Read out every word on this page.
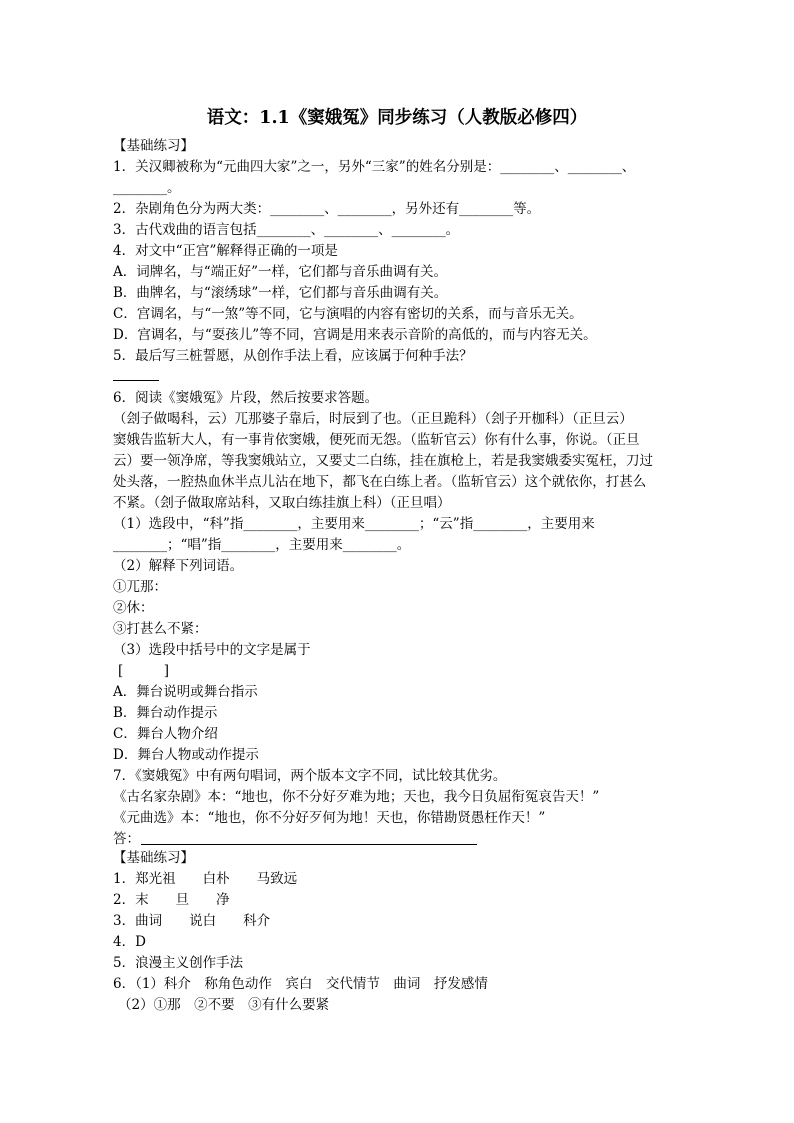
语文：1.1《窦娥冤》同步练习（人教版必修四）
【基础练习】
1．关汉卿被称为“元曲四大家”之一，另外“三家”的姓名分别是：________、________、
________。
2．杂剧角色分为两大类：________、________，另外还有________等。
3．古代戏曲的语言包括________、________、________。
4．对文中“正宫”解释得正确的一项是
A．词牌名，与“端正好”一样，它们都与音乐曲调有关。
B．曲牌名，与“滚绣球”一样，它们都与音乐曲调有关。
C．宫调名，与“一煞”等不同，它与演唱的内容有密切的关系，而与音乐无关。
D．宫调名，与“耍孩儿”等不同，宫调是用来表示音阶的高低的，而与内容无关。
5．最后写三桩誓愿，从创作手法上看，应该属于何种手法？
6．阅读《窦娥冤》片段，然后按要求答题。
（刽子做喝科，云）兀那婆子靠后，时辰到了也。（正旦跪科）（刽子开枷科）（正旦云）
窦娥告监斩大人，有一事肯依窦娥，便死而无怨。（监斩官云）你有什么事，你说。（正旦
云）要一领净席，等我窦娥站立，又要丈二白练，挂在旗枪上，若是我窦娥委实冤枉，刀过
处头落，一腔热血休半点儿沾在地下，都飞在白练上者。（监斩官云）这个就依你，打甚么
不紧。（刽子做取席站科，又取白练挂旗上科）（正旦唱）
（1）选段中，“科”指________，主要用来________；“云”指________，主要用来
________；“唱”指________，主要用来________。
（2）解释下列词语。
①兀那：
②休：
③打甚么不紧：
（3）选段中括号中的文字是属于
[　　　]
A．舞台说明或舞台指示
B．舞台动作提示
C．舞台人物介绍
D．舞台人物或动作提示
7．《窦娥冤》中有两句唱词，两个版本文字不同，试比较其优劣。
《古名家杂剧》本：“地也，你不分好歹难为地；天也，我今日负屈衔冤哀告天！”
《元曲选》本：“地也，你不分好歹何为地！天也，你错勘贤愚枉作天！”
答：
【基础练习】
1．郑光祖　　白朴　　马致远
2．末　　旦　　净
3．曲词　　说白　　科介
4．D
5．浪漫主义创作手法
6．（1）科介　称角色动作　宾白　交代情节　曲词　抒发感情
（2）①那　②不要　③有什么要紧
